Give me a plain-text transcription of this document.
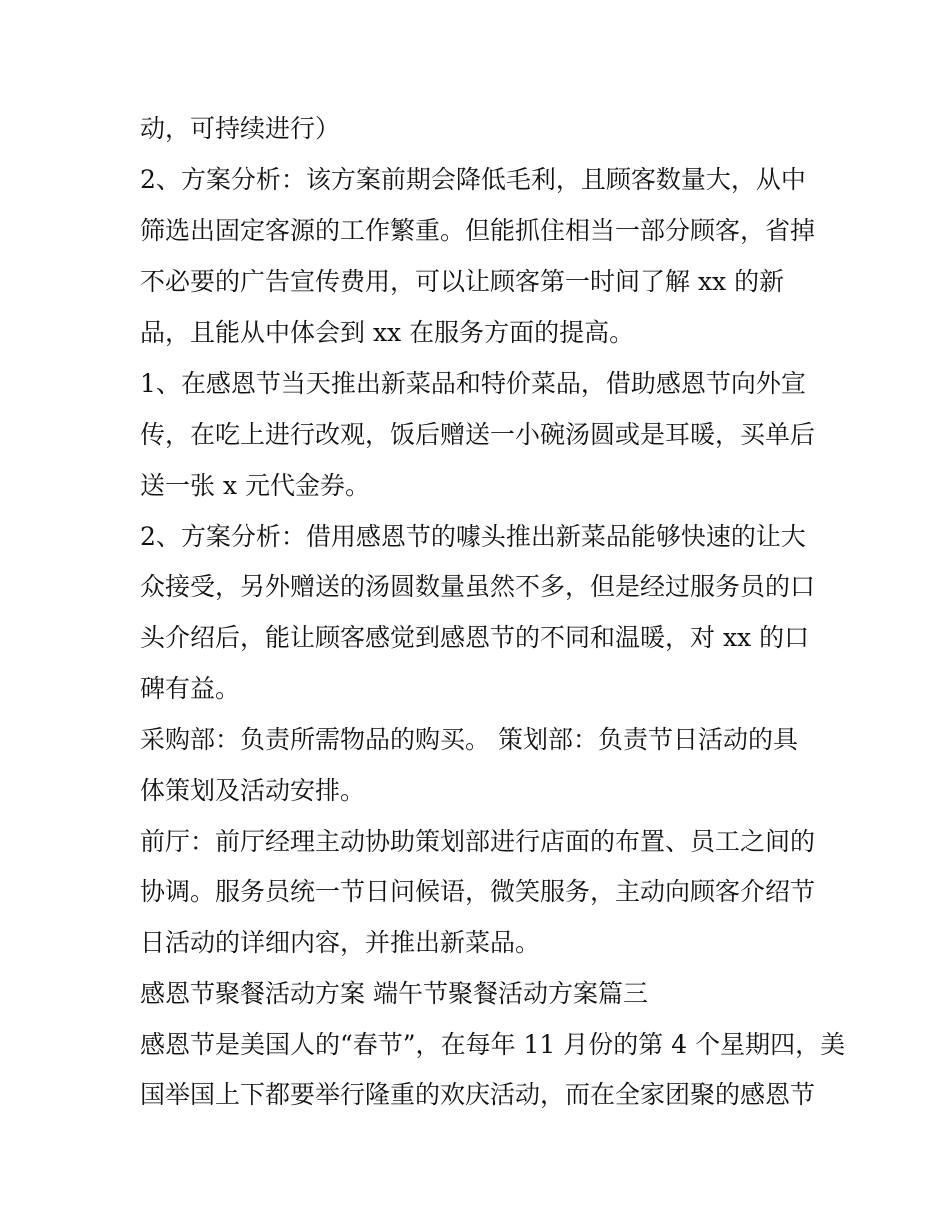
动，可持续进行）
2、方案分析：该方案前期会降低毛利，且顾客数量大，从中
筛选出固定客源的工作繁重。但能抓住相当一部分顾客，省掉
不必要的广告宣传费用，可以让顾客第一时间了解 xx 的新
品，且能从中体会到 xx 在服务方面的提高。
1、在感恩节当天推出新菜品和特价菜品，借助感恩节向外宣
传，在吃上进行改观，饭后赠送一小碗汤圆或是耳暖，买单后
送一张 x 元代金券。
2、方案分析：借用感恩节的噱头推出新菜品能够快速的让大
众接受，另外赠送的汤圆数量虽然不多，但是经过服务员的口
头介绍后，能让顾客感觉到感恩节的不同和温暖，对 xx 的口
碑有益。
采购部：负责所需物品的购买。 策划部：负责节日活动的具
体策划及活动安排。
前厅：前厅经理主动协助策划部进行店面的布置、员工之间的
协调。服务员统一节日问候语，微笑服务，主动向顾客介绍节
日活动的详细内容，并推出新菜品。
感恩节聚餐活动方案 端午节聚餐活动方案篇三
感恩节是美国人的“春节”，在每年 11 月份的第 4 个星期四，美
国举国上下都要举行隆重的欢庆活动，而在全家团聚的感恩节
